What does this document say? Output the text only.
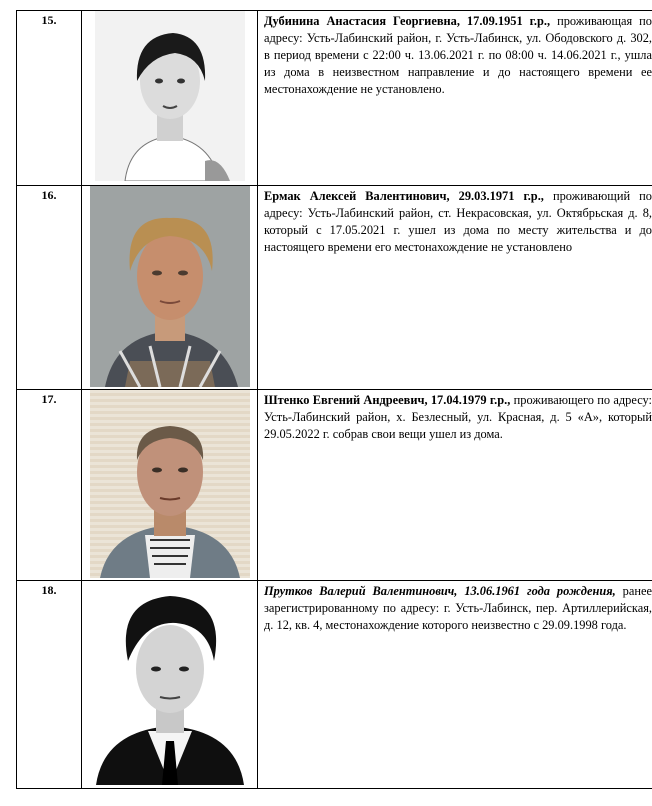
15.		Дубинина Анастасия Георгиевна, 17.09.1951 г.р., проживающая по адресу: Усть-Лабинский район, г. Усть-Лабинск, ул. Ободовского д. 302, в период времени с 22:00 ч. 13.06.2021 г. по 08:00 ч. 14.06.2021 г., ушла из дома в неизвестном направление и до настоящего времени ее местонахождение не установлено.
16.		Ермак Алексей Валентинович, 29.03.1971 г.р., проживающий по адресу: Усть-Лабинский район, ст. Некрасовская, ул. Октябрьская д. 8, который с 17.05.2021 г. ушел из дома по месту жительства и до настоящего времени его местонахождение не установлено
17.		Штенко Евгений Андреевич, 17.04.1979 г.р., проживающего по адресу: Усть-Лабинский район, х. Безлесный, ул. Красная, д. 5 «А», который 29.05.2022 г. собрав свои вещи ушел из дома.
18.		Прутков Валерий Валентинович, 13.06.1961 года рождения, ранее зарегистрированному по адресу: г. Усть-Лабинск, пер. Артиллерийская, д. 12, кв. 4, местонахождение которого неизвестно с 29.09.1998 года.
